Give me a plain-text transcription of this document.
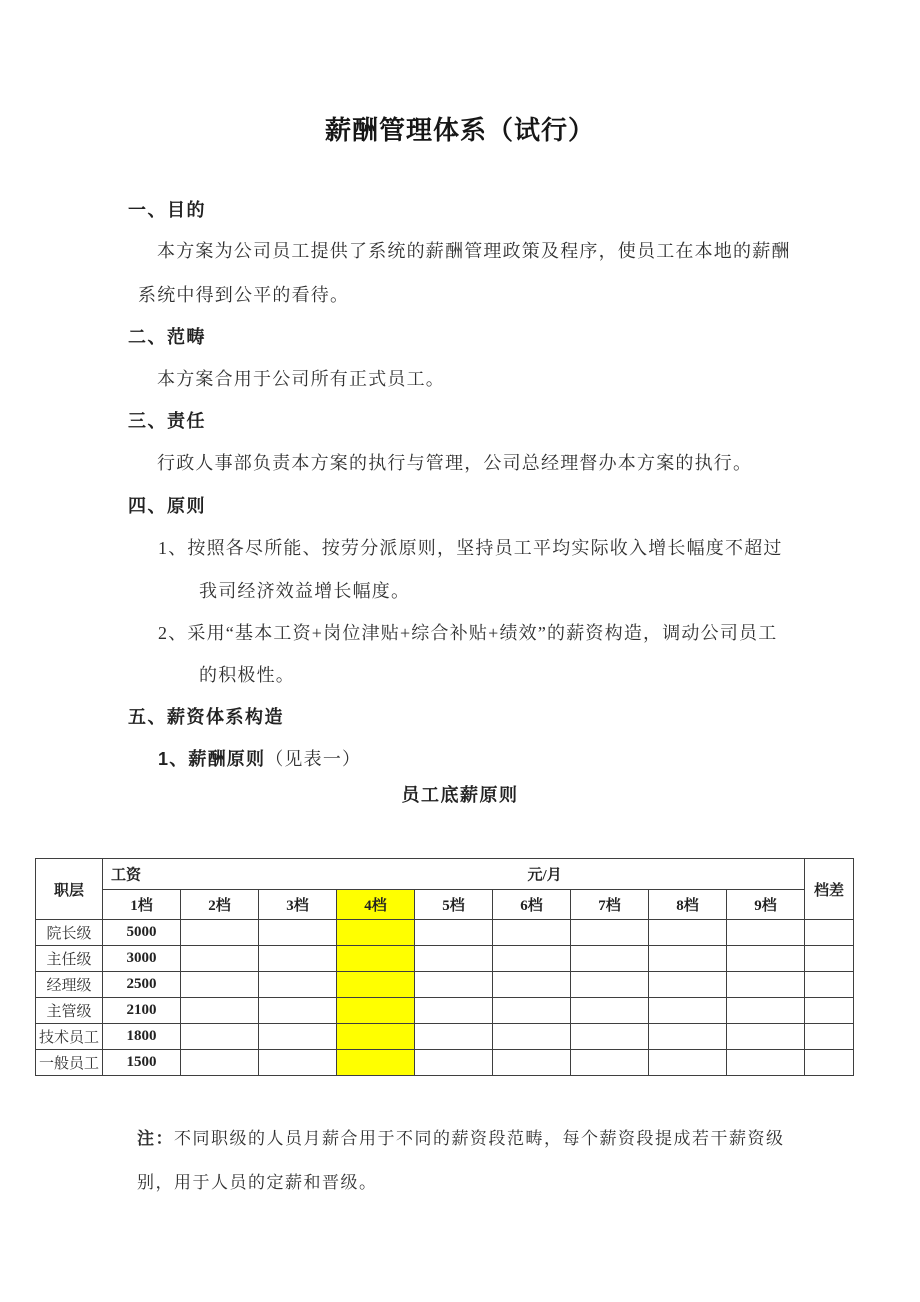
薪酬管理体系（试行）
一、目的
本方案为公司员工提供了系统的薪酬管理政策及程序，使员工在本地的薪酬
系统中得到公平的看待。
二、范畴
本方案合用于公司所有正式员工。
三、责任
行政人事部负责本方案的执行与管理，公司总经理督办本方案的执行。
四、原则
1、按照各尽所能、按劳分派原则，坚持员工平均实际收入增长幅度不超过
我司经济效益增长幅度。
2、采用“基本工资+岗位津贴+综合补贴+绩效”的薪资构造，调动公司员工
的积极性。
五、薪资体系构造
1、薪酬原则（见表一）
员工底薪原则
职层	工资 元/月									档差
	1档	2档	3档	4档	5档	6档	7档	8档	9档	
院长级	5000									
主任级	3000									
经理级	2500									
主管级	2100									
技术员工	1800									
一般员工	1500									
注：不同职级的人员月薪合用于不同的薪资段范畴，每个薪资段提成若干薪资级
别，用于人员的定薪和晋级。
